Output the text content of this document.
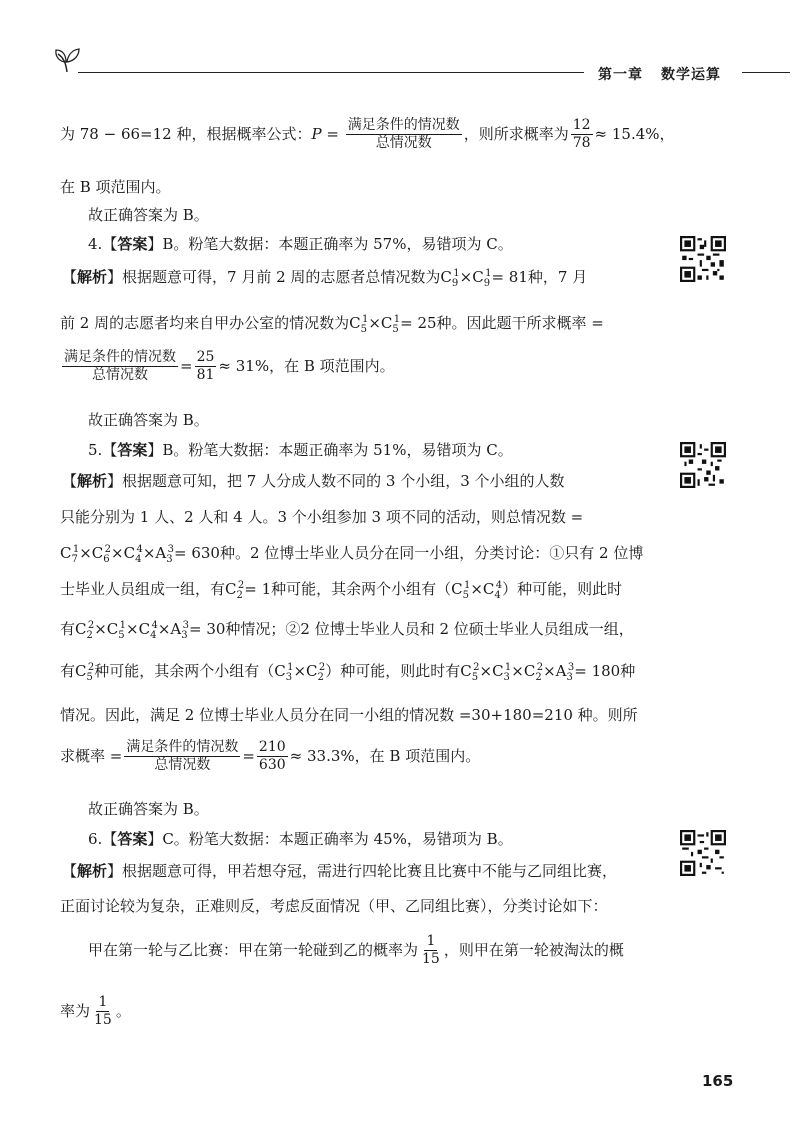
第一章 数学运算
为 78 − 66=12 种，根据概率公式：$P = \frac{\text{满足条件的情况数}}{\text{总情况数}}$ ，则所求概率为 $\frac{12}{78} \approx 15.4\%$，
在 B 项范围内。
故正确答案为 B。
4.【答案】B。粉笔大数据：本题正确率为 57%，易错项为 C。
【解析】根据题意可得，7 月前 2 周的志愿者总情况数为$C_9^1\times C_9^1= 81$种，7 月
前 2 周的志愿者均来自甲办公室的情况数为$C_5^1\times C_5^1= 25$种。因此题干所求概率 =
$\frac{\text{满足条件的情况数}}{\text{总情况数}} = \frac{25}{81} \approx 31\%$，在 B 项范围内。
故正确答案为 B。
5.【答案】B。粉笔大数据：本题正确率为 51%，易错项为 C。
【解析】根据题意可知，把 7 人分成人数不同的 3 个小组，3 个小组的人数
只能分别为 1 人、2 人和 4 人。3 个小组参加 3 项不同的活动，则总情况数 =
$C_7^1\times C_6^2\times C_4^4\times A_3^3= 630$种。2 位博士毕业人员分在同一小组，分类讨论：①只有 2 位博
士毕业人员组成一组，有$C_2^2= 1$种可能，其余两个小组有$(C_5^1\times C_4^4)$种可能，则此时
有$C_2^2\times C_5^1\times C_4^4\times A_3^3= 30$种情况；②2 位博士毕业人员和 2 位硕士毕业人员组成一组，
有$C_5^2$种可能，其余两个小组有$(C_3^1\times C_2^2)$种可能，则此时有$C_5^2\times C_3^1\times C_2^2\times A_3^3= 180$种
情况。因此，满足 2 位博士毕业人员分在同一小组的情况数 =30+180=210 种。则所
求概率 = $\frac{\text{满足条件的情况数}}{\text{总情况数}} = \frac{210}{630} \approx 33.3\%$，在 B 项范围内。
故正确答案为 B。
6.【答案】C。粉笔大数据：本题正确率为 45%，易错项为 B。
【解析】根据题意可得，甲若想夺冠，需进行四轮比赛且比赛中不能与乙同组比赛，
正面讨论较为复杂，正难则反，考虑反面情况（甲、乙同组比赛），分类讨论如下：
甲在第一轮与乙比赛：甲在第一轮碰到乙的概率为 $\frac{1}{15}$ ，则甲在第一轮被淘汰的概
率为 $\frac{1}{15}$ 。
165
